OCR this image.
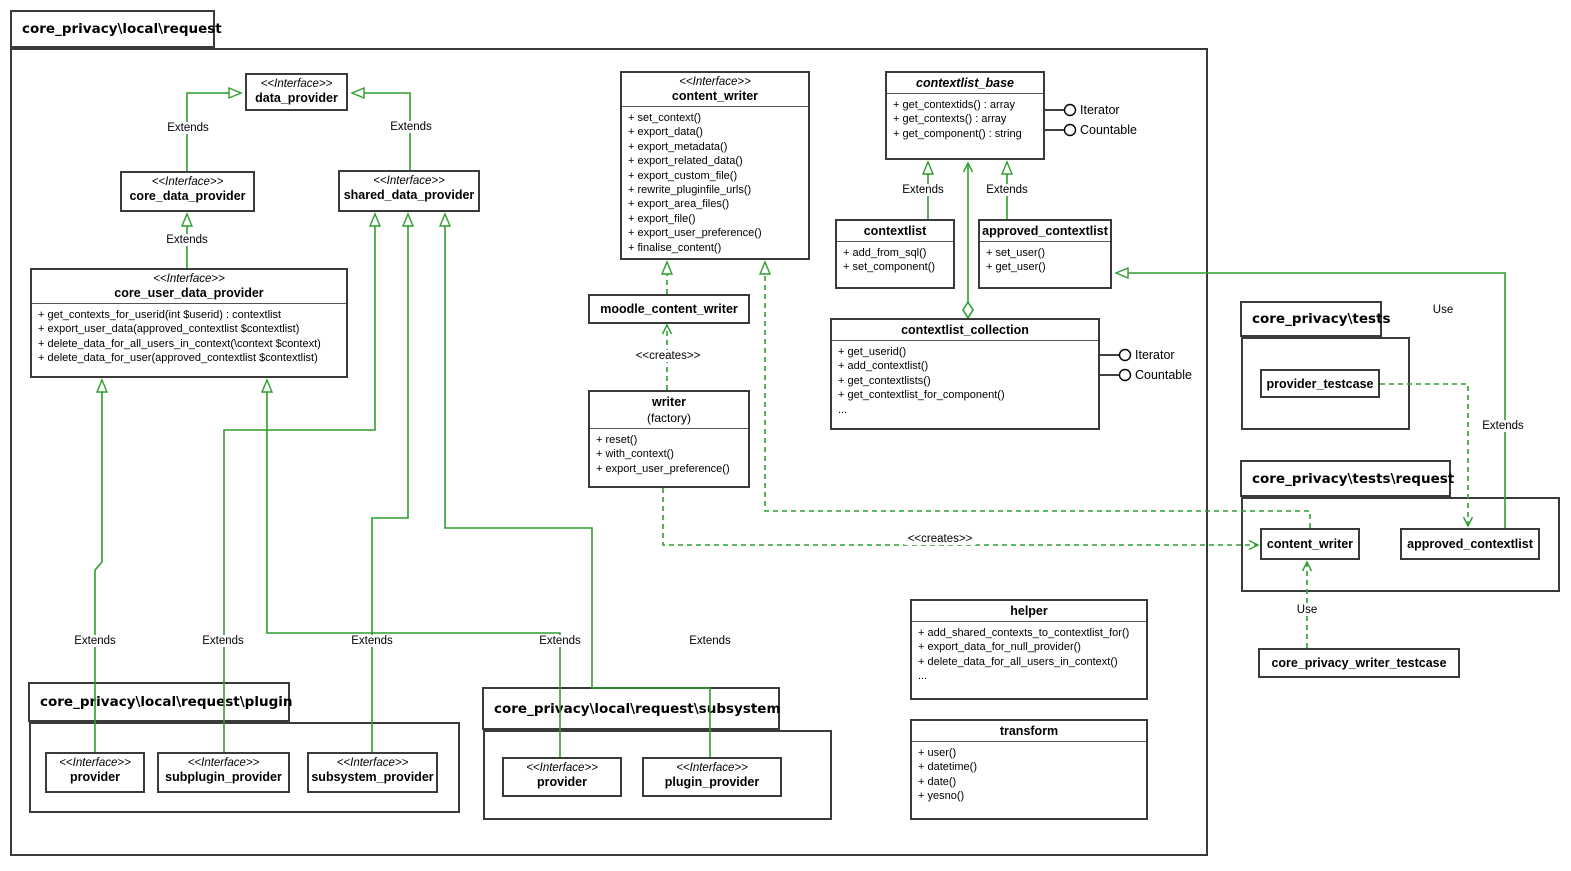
core_privacy\local\request
core_privacy\local\request\plugin	core_privacy\local\request\subsystem
core_privacy\tests
core_privacy\tests\request
<<Interface>>
data_provider
<<Interface>>
core_data_provider
<<Interface>>
shared_data_provider
<<Interface>>
core_user_data_provider
+ get_contexts_for_userid(int $userid) : contextlist
+ export_user_data(approved_contextlist $contextlist)
+ delete_data_for_all_users_in_context(\context $context)
+ delete_data_for_user(approved_contextlist $contextlist)
<<Interface>>
content_writer
+ set_context()
+ export_data()
+ export_metadata()
+ export_related_data()
+ export_custom_file()
+ rewrite_pluginfile_urls()
+ export_area_files()
+ export_file()
+ export_user_preference()
+ finalise_content()
contextlist_base
+ get_contextids() : array
+ get_contexts() : array
+ get_component() : string
contextlist
+ add_from_sql()
+ set_component()
approved_contextlist
+ set_user()
+ get_user()
contextlist_collection
+ get_userid()
+ add_contextlist()
+ get_contextlists()
+ get_contextlist_for_component()
...
moodle_content_writer
writer
(factory)
+ reset()
+ with_context()
+ export_user_preference()
helper
+ add_shared_contexts_to_contextlist_for()
+ export_data_for_null_provider()
+ delete_data_for_all_users_in_context()
...
transform
+ user()
+ datetime()
+ date()
+ yesno()
<<Interface>>
provider
<<Interface>>
subplugin_provider
<<Interface>>
subsystem_provider
<<Interface>>
provider
<<Interface>>
plugin_provider
provider_testcase
content_writer	approved_contextlist
core_privacy_writer_testcase
Extends	Extends
Extends
Extends	Extends
Extends	Extends	Extends	Extends	Extends
Extends
Use
Use
<<creates>>
<<creates>>
Iterator
Countable
Iterator
Countable
